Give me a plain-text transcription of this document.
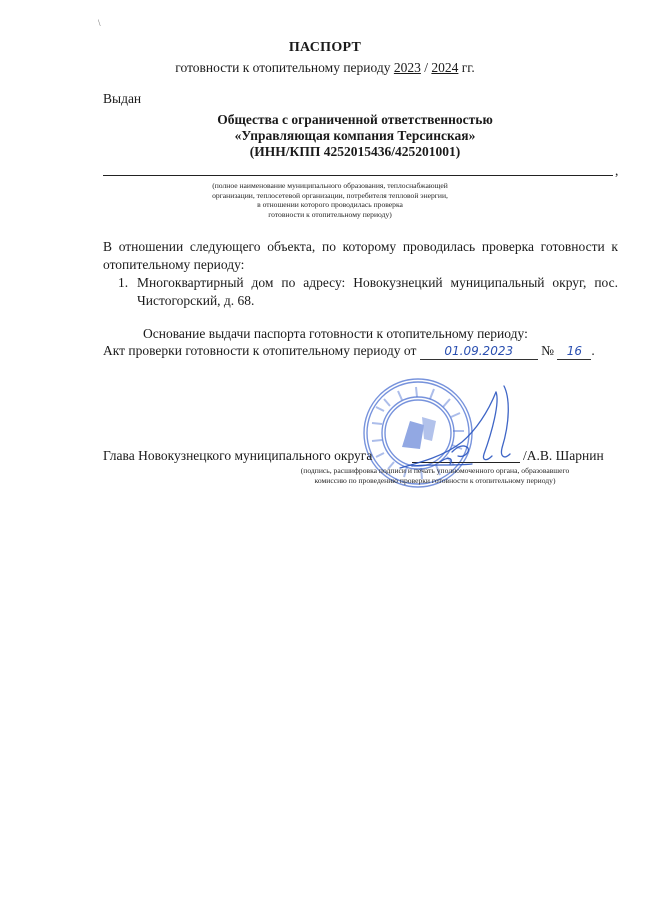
\
ПАСПОРТ
готовности к отопительному периоду 2023 / 2024 гг.
Выдан
Общества с ограниченной ответственностью
«Управляющая компания Терсинская»
(ИНН/КПП 4252015436/425201001)
,
(полное наименование муниципального образования, теплоснабжающей
организации, теплосетевой организации, потребителя тепловой энергии,
в отношении которого проводилась проверка
готовности к отопительному периоду)
В отношении следующего объекта, по которому проводилась проверка готовности к отопительному периоду:
1. Многоквартирный дом по адресу: Новокузнецкий муниципальный округ, пос. Чистогорский, д. 68.
Основание выдачи паспорта готовности к отопительному периоду:
Акт проверки готовности к отопительному периоду от 01.09.2023 № 16 .
Глава Новокузнецкого муниципального округа	/А.В. Шарнин
(подпись, расшифровка подписи и печать уполномоченного органа, образовавшего
комиссию по проведению проверки готовности к отопительному периоду)
